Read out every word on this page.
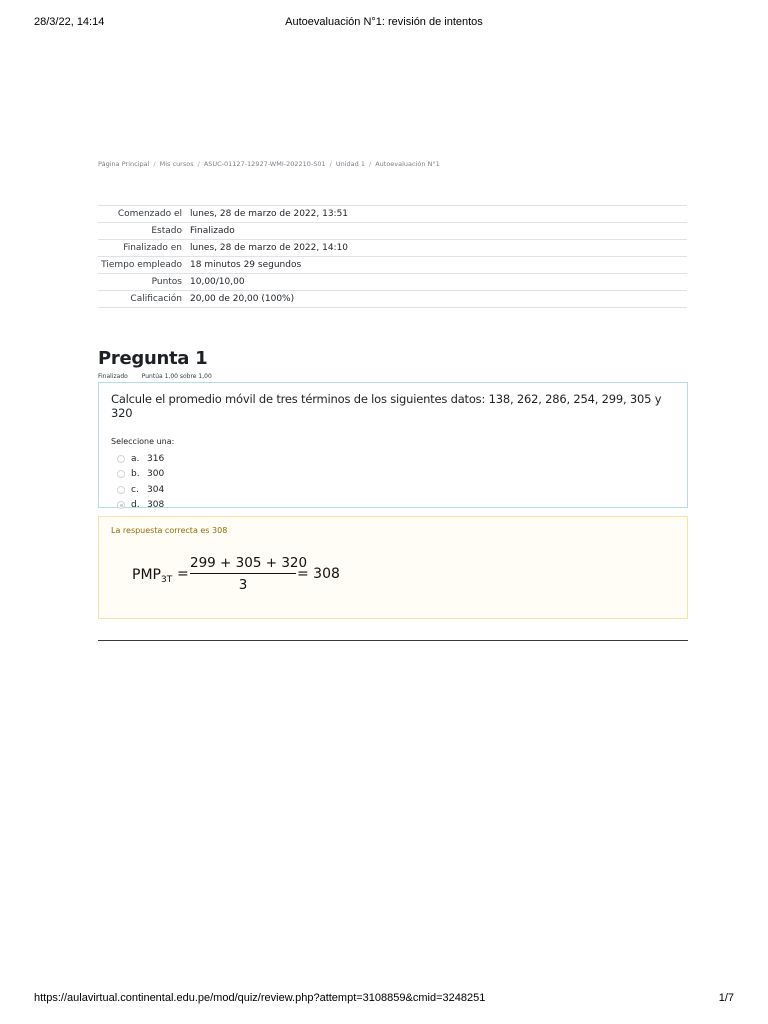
28/3/22, 14:14	Autoevaluación N°1: revisión de intentos
Página Principal / Mis cursos / ASUC-01127-12927-WMI-202210-S01 / Unidad 1 / Autoevaluación N°1
Comenzado el	lunes, 28 de marzo de 2022, 13:51
Estado	Finalizado
Finalizado en	lunes, 28 de marzo de 2022, 14:10
Tiempo empleado	18 minutos 29 segundos
Puntos	10,00/10,00
Calificación	20,00 de 20,00 (100%)
Pregunta 1
Finalizado Puntúa 1,00 sobre 1,00
Calcule el promedio móvil de tres términos de los siguientes datos: 138, 262, 286, 254, 299, 305 y 320
Seleccione una:
a. 316
b. 300
c. 304
d. 308
La respuesta correcta es 308
$PMP_{3T}$ =
299 + 305 + 320
3
= 308
https://aulavirtual.continental.edu.pe/mod/quiz/review.php?attempt=3108859&cmid=3248251	1/7
